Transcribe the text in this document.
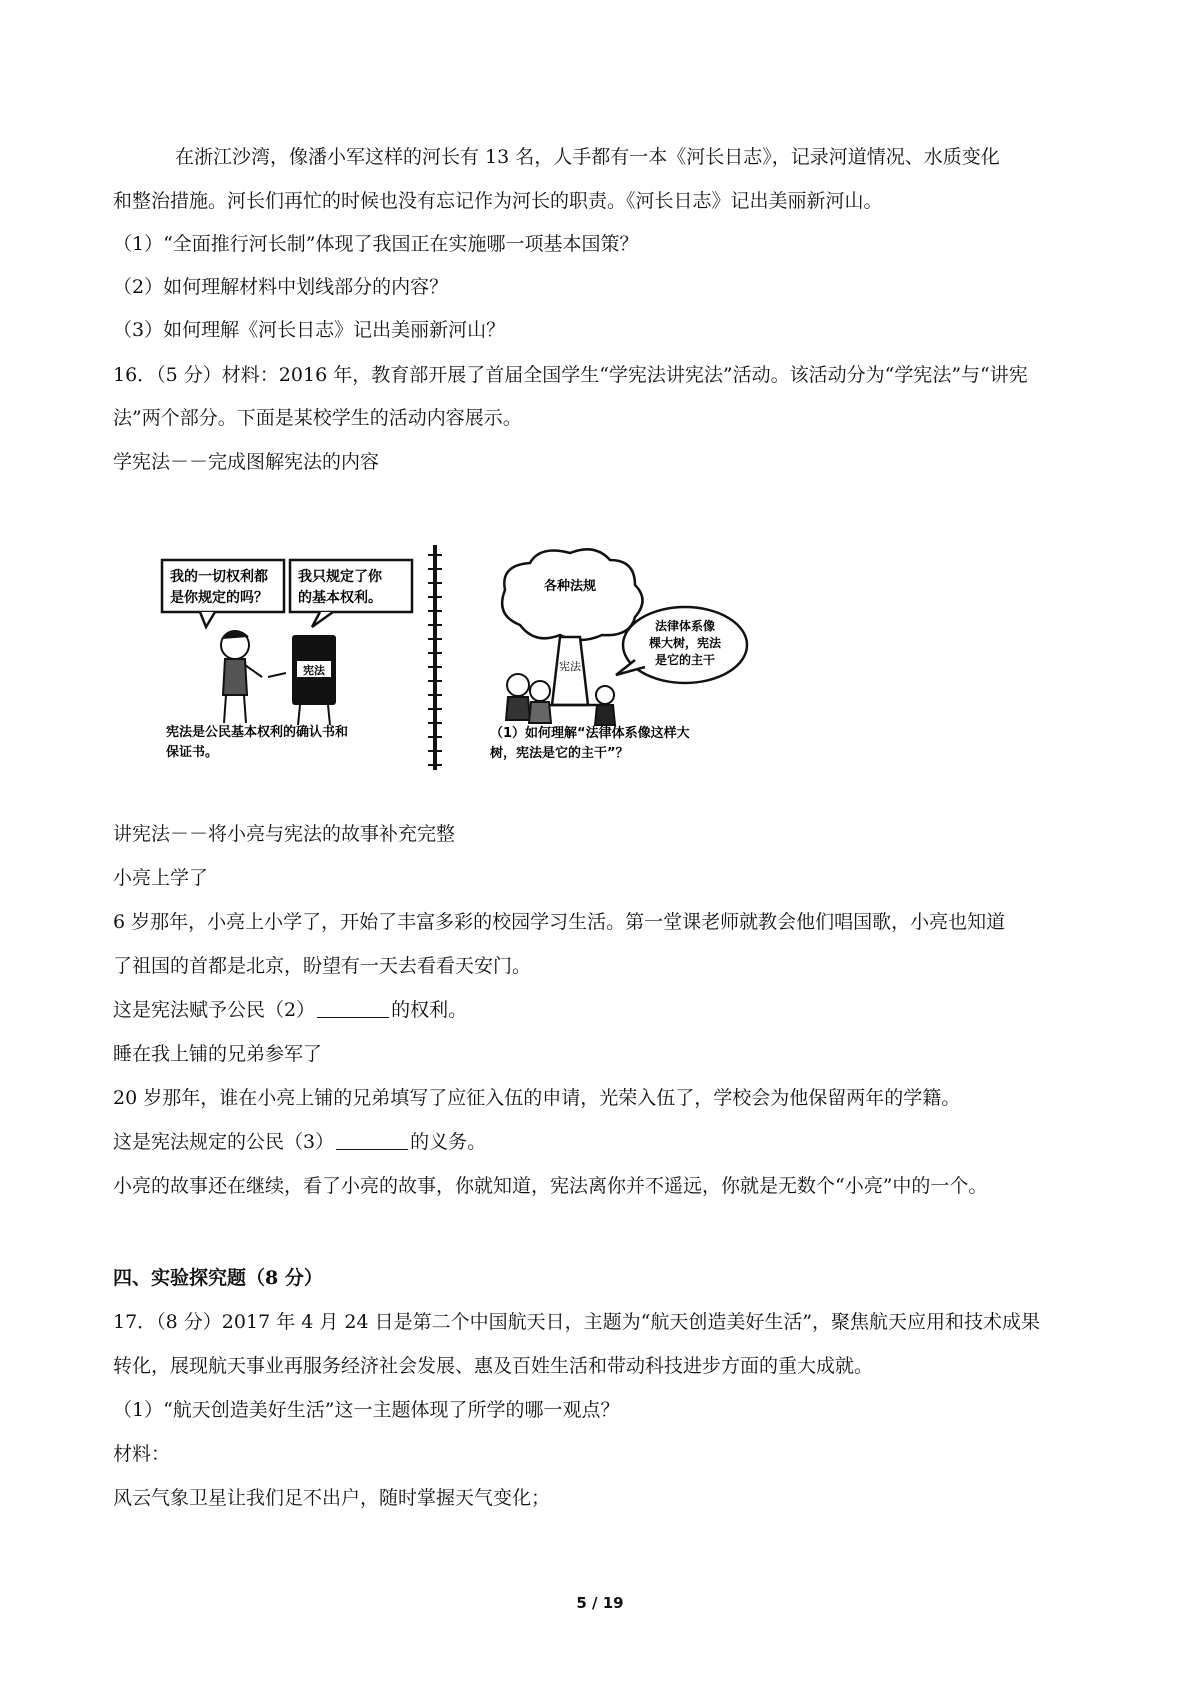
在浙江沙湾，像潘小军这样的河长有 13 名，人手都有一本《河长日志》，记录河道情况、水质变化
和整治措施。河长们再忙的时候也没有忘记作为河长的职责。《河长日志》记出美丽新河山。
（1）“全面推行河长制”体现了我国正在实施哪一项基本国策？
（2）如何理解材料中划线部分的内容？
（3）如何理解《河长日志》记出美丽新河山？
16．（5 分）材料：2016 年，教育部开展了首届全国学生“学宪法讲宪法”活动。该活动分为“学宪法”与“讲宪
法”两个部分。下面是某校学生的活动内容展示。
学宪法－－完成图解宪法的内容
我的一切权利都
是你规定的吗？
我只规定了你
的基本权利。
宪法
宪法是公民基本权利的确认书和
保证书。
各种法规
宪法
法律体系像
棵大树，宪法
是它的主干
（1）如何理解“法律体系像这样大
树，宪法是它的主干”？
讲宪法－－将小亮与宪法的故事补充完整
小亮上学了
6 岁那年，小亮上小学了，开始了丰富多彩的校园学习生活。第一堂课老师就教会他们唱国歌，小亮也知道
了祖国的首都是北京，盼望有一天去看看天安门。
这是宪法赋予公民（2）	的权利。
睡在我上铺的兄弟参军了
20 岁那年，谁在小亮上铺的兄弟填写了应征入伍的申请，光荣入伍了，学校会为他保留两年的学籍。
这是宪法规定的公民（3）	的义务。
小亮的故事还在继续，看了小亮的故事，你就知道，宪法离你并不遥远，你就是无数个“小亮”中的一个。
四、实验探究题（8 分）
17．（8 分）2017 年 4 月 24 日是第二个中国航天日，主题为“航天创造美好生活”，聚焦航天应用和技术成果
转化，展现航天事业再服务经济社会发展、惠及百姓生活和带动科技进步方面的重大成就。
（1）“航天创造美好生活”这一主题体现了所学的哪一观点？
材料：
风云气象卫星让我们足不出户，随时掌握天气变化；
5 / 19
